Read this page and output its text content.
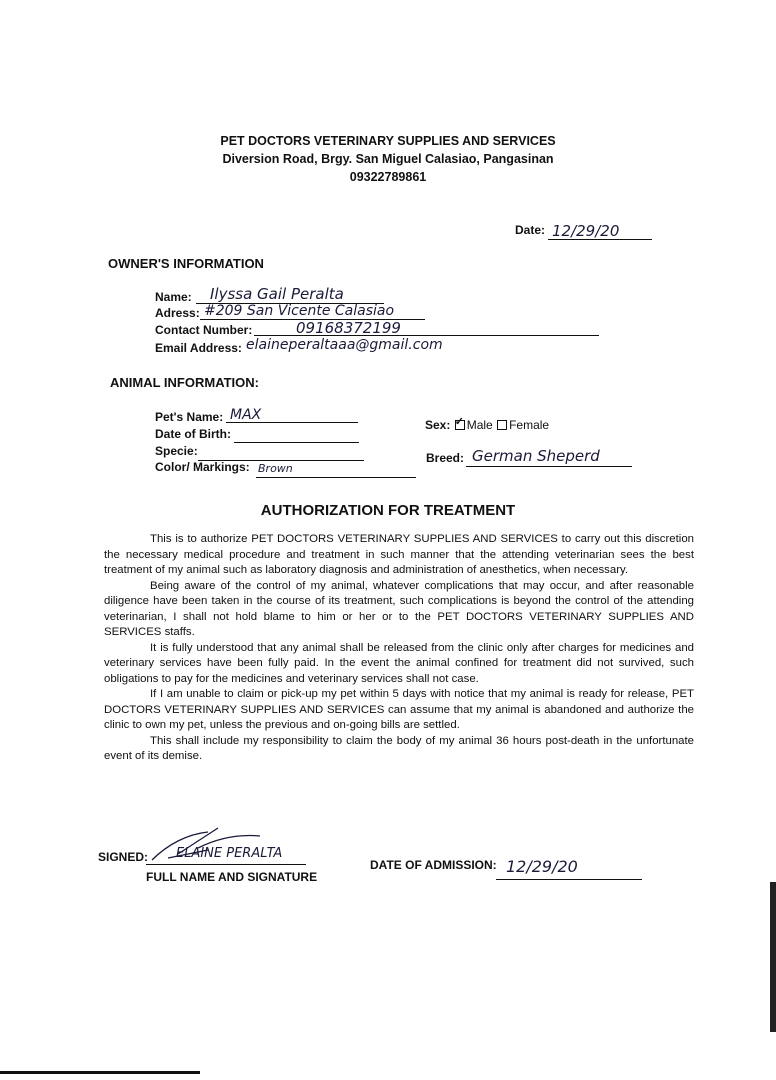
PET DOCTORS VETERINARY SUPPLIES AND SERVICES
Diversion Road, Brgy. San Miguel Calasiao, Pangasinan
09322789861
Date: 12/29/20
OWNER'S INFORMATION
Name:	Ilyssa Gail Peralta
Adress: #209 San Vicente Calasiao
Contact Number:	09168372199
Email Address: elaineperaltaaa@gmail.com
ANIMAL INFORMATION:
Pet's Name: MAX
Date of Birth:
Specie:
Color/ Markings: Brown
Sex: ✓ Male Female
Breed: German Sheperd
AUTHORIZATION FOR TREATMENT

This is to authorize PET DOCTORS VETERINARY SUPPLIES AND SERVICES to carry out this discretion the necessary medical procedure and treatment in such manner that the attending veterinarian sees the best treatment of my animal such as laboratory diagnosis and administration of anesthetics, when necessary.

Being aware of the control of my animal, whatever complications that may occur, and after reasonable diligence have been taken in the course of its treatment, such complications is beyond the control of the attending veterinarian, I shall not hold blame to him or her or to the PET DOCTORS VETERINARY SUPPLIES AND SERVICES staffs.

It is fully understood that any animal shall be released from the clinic only after charges for medicines and veterinary services have been fully paid. In the event the animal confined for treatment did not survived, such obligations to pay for the medicines and veterinary services shall not case.

If I am unable to claim or pick-up my pet within 5 days with notice that my animal is ready for release, PET DOCTORS VETERINARY SUPPLIES AND SERVICES can assume that my animal is abandoned and authorize the clinic to own my pet, unless the previous and on-going bills are settled.

This shall include my responsibility to claim the body of my animal 36 hours post-death in the unfortunate event of its demise.

SIGNED:	ELAINE PERALTA
FULL NAME AND SIGNATURE
DATE OF ADMISSION: 12/29/20
